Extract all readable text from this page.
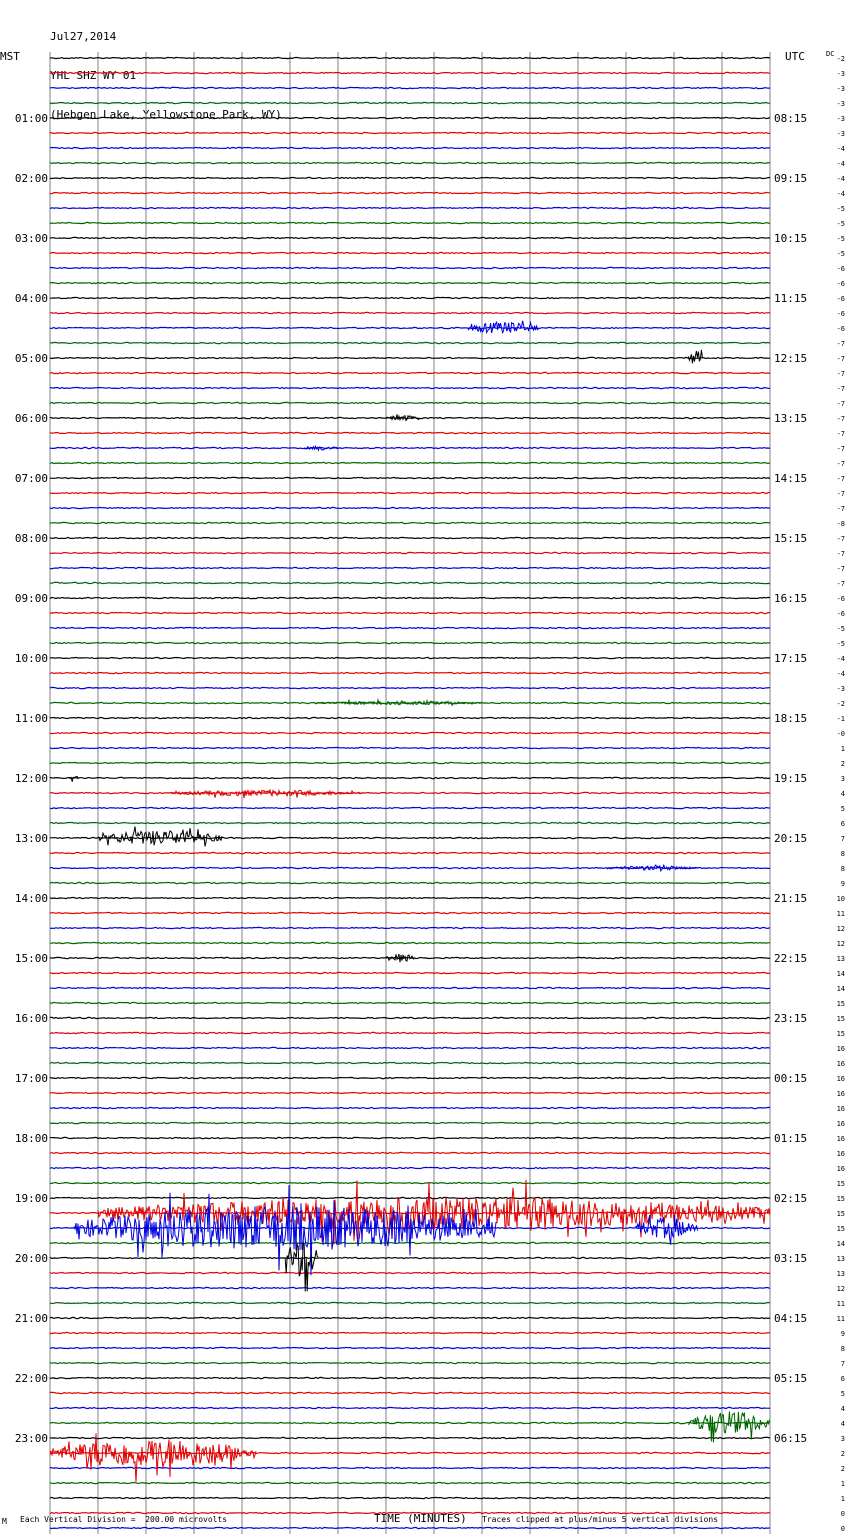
Jul27,2014

YHL SHZ WY 01

(Hebgen Lake, Yellowstone Park, WY)

MST	UTC	-2
-3
-3
-3
-3
-3
-4
-4
-4
-4
-5
-5
-5
-5
-6
-6
-6
-6
-6
-7
-7
-7
-7
-7
-7
-7
-7
-7
-7
-7
-7
-8
-7
-7
-7
-7
-6
-6
-5
-5
-4
-4
-3
-2
-1
-0
1
2
3
4
5
6
7
8
8
9
10
11
12
12
13
14
14
15
15
15
16
16
16
16
16
16
16
16
16
15
15
15
15
14
13
13
12
11
11
9
8
7
6
5
4
4
3
2
2
1
1
0
0
DC
01:00
02:00
03:00
04:00
05:00
06:00
07:00
08:00
09:00
10:00
11:00
12:00
13:00
14:00
15:00
16:00
17:00
18:00
19:00
20:00
21:00
22:00
23:00
08:15
09:15
10:15
11:15
12:15
13:15
14:15
15:15
16:15
17:15
18:15
19:15
20:15
21:15
22:15
23:15
00:15
01:15
02:15
03:15
04:15
05:15
06:15
M Each Vertical Division =  200.00 microvolts	TIME (MINUTES) Traces clipped at plus/minus 5 vertical divisions
